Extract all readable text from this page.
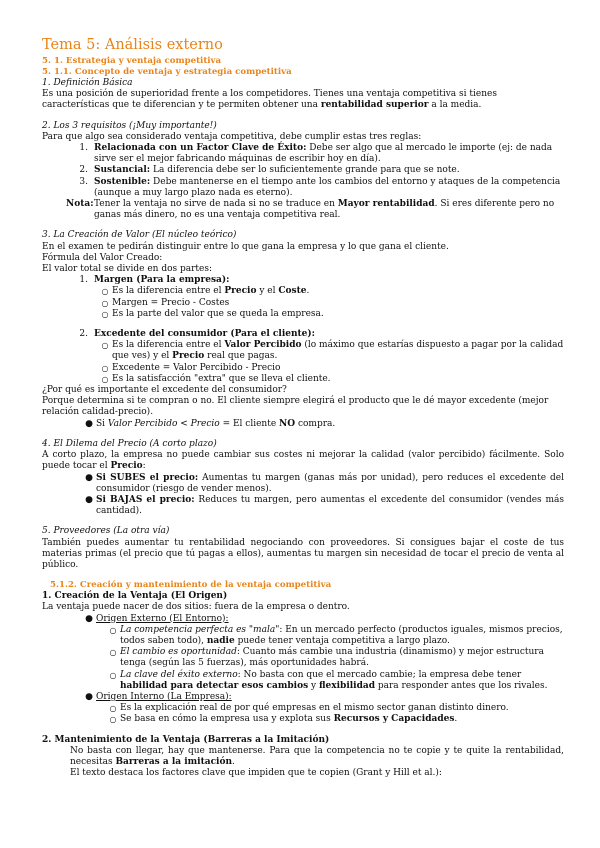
Tema 5: Análisis externo
5. 1. Estrategia y ventaja competitiva
5. 1.1. Concepto de ventaja y estrategia competitiva
1. Definición Básica
Es una posición de superioridad frente a los competidores. Tienes una ventaja competitiva si tienes características que te diferencian y te permiten obtener una rentabilidad superior a la media.
2. Los 3 requisitos (¡Muy importante!)
Para que algo sea considerado ventaja competitiva, debe cumplir estas tres reglas:
1. Relacionada con un Factor Clave de Éxito: Debe ser algo que al mercado le importe (ej: de nada sirve ser el mejor fabricando máquinas de escribir hoy en día).
2. Sustancial: La diferencia debe ser lo suficientemente grande para que se note.
3. Sostenible: Debe mantenerse en el tiempo ante los cambios del entorno y ataques de la competencia (aunque a muy largo plazo nada es eterno).
Nota: Tener la ventaja no sirve de nada si no se traduce en Mayor rentabilidad. Si eres diferente pero no ganas más dinero, no es una ventaja competitiva real.
3. La Creación de Valor (El núcleo teórico)
En el examen te pedirán distinguir entre lo que gana la empresa y lo que gana el cliente.
Fórmula del Valor Creado:
El valor total se divide en dos partes:
1. Margen (Para la empresa):
○ Es la diferencia entre el Precio y el Coste.
○ Margen = Precio - Costes
○ Es la parte del valor que se queda la empresa.
2. Excedente del consumidor (Para el cliente):
○ Es la diferencia entre el Valor Percibido (lo máximo que estarías dispuesto a pagar por la calidad que ves) y el Precio real que pagas.
○ Excedente = Valor Percibido - Precio
○ Es la satisfacción "extra" que se lleva el cliente.
¿Por qué es importante el excedente del consumidor?
Porque determina si te compran o no. El cliente siempre elegirá el producto que le dé mayor excedente (mejor relación calidad-precio).
● Si Valor Percibido < Precio = El cliente NO compra.
4. El Dilema del Precio (A corto plazo)
A corto plazo, la empresa no puede cambiar sus costes ni mejorar la calidad (valor percibido) fácilmente. Solo puede tocar el Precio:
● Si SUBES el precio: Aumentas tu margen (ganas más por unidad), pero reduces el excedente del consumidor (riesgo de vender menos).
● Si BAJAS el precio: Reduces tu margen, pero aumentas el excedente del consumidor (vendes más cantidad).
5. Proveedores (La otra vía)
También puedes aumentar tu rentabilidad negociando con proveedores. Si consigues bajar el coste de tus materias primas (el precio que tú pagas a ellos), aumentas tu margen sin necesidad de tocar el precio de venta al público.
5.1.2. Creación y mantenimiento de la ventaja competitiva
1. Creación de la Ventaja (El Origen)
La ventaja puede nacer de dos sitios: fuera de la empresa o dentro.
● Origen Externo (El Entorno):
○ La competencia perfecta es "mala": En un mercado perfecto (productos iguales, mismos precios, todos saben todo), nadie puede tener ventaja competitiva a largo plazo.
○ El cambio es oportunidad: Cuanto más cambie una industria (dinamismo) y mejor estructura tenga (según las 5 fuerzas), más oportunidades habrá.
○ La clave del éxito externo: No basta con que el mercado cambie; la empresa debe tener habilidad para detectar esos cambios y flexibilidad para responder antes que los rivales.
● Origen Interno (La Empresa):
○ Es la explicación real de por qué empresas en el mismo sector ganan distinto dinero.
○ Se basa en cómo la empresa usa y explota sus Recursos y Capacidades.
2. Mantenimiento de la Ventaja (Barreras a la Imitación)
No basta con llegar, hay que mantenerse. Para que la competencia no te copie y te quite la rentabilidad, necesitas Barreras a la imitación.
El texto destaca los factores clave que impiden que te copien (Grant y Hill et al.):
